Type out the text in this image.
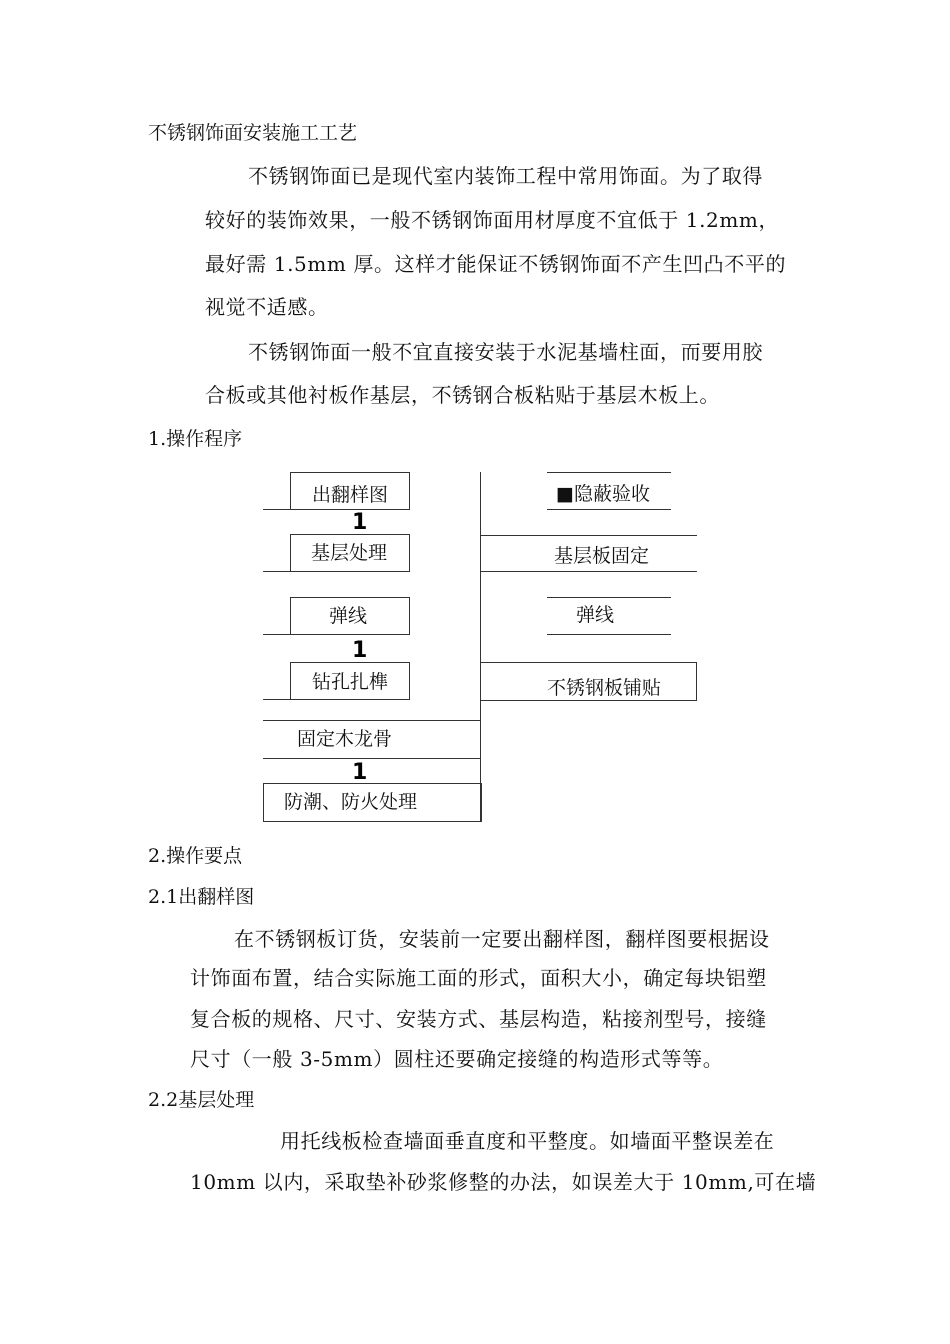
不锈钢饰面安装施工工艺
不锈钢饰面已是现代室内装饰工程中常用饰面。为了取得
较好的装饰效果，一般不锈钢饰面用材厚度不宜低于 1.2mm，
最好需 1.5mm 厚。这样才能保证不锈钢饰面不产生凹凸不平的
视觉不适感。
不锈钢饰面一般不宜直接安装于水泥基墙柱面，而要用胶
合板或其他衬板作基层，不锈钢合板粘贴于基层木板上。
1.操作程序
出翻样图
1
基层处理
弹线
1
钻孔扎榫
固定木龙骨
1
防潮、防火处理
■隐蔽验收
基层板固定
弹线
不锈钢板铺贴
2.操作要点
2.1出翻样图
在不锈钢板订货，安装前一定要出翻样图，翻样图要根据设
计饰面布置，结合实际施工面的形式，面积大小，确定每块铝塑
复合板的规格、尺寸、安装方式、基层构造，粘接剂型号，接缝
尺寸（一般 3-5mm）圆柱还要确定接缝的构造形式等等。
2.2基层处理
用托线板检查墙面垂直度和平整度。如墙面平整误差在
10mm 以内，采取垫补砂浆修整的办法，如误差大于 10mm,可在墙
